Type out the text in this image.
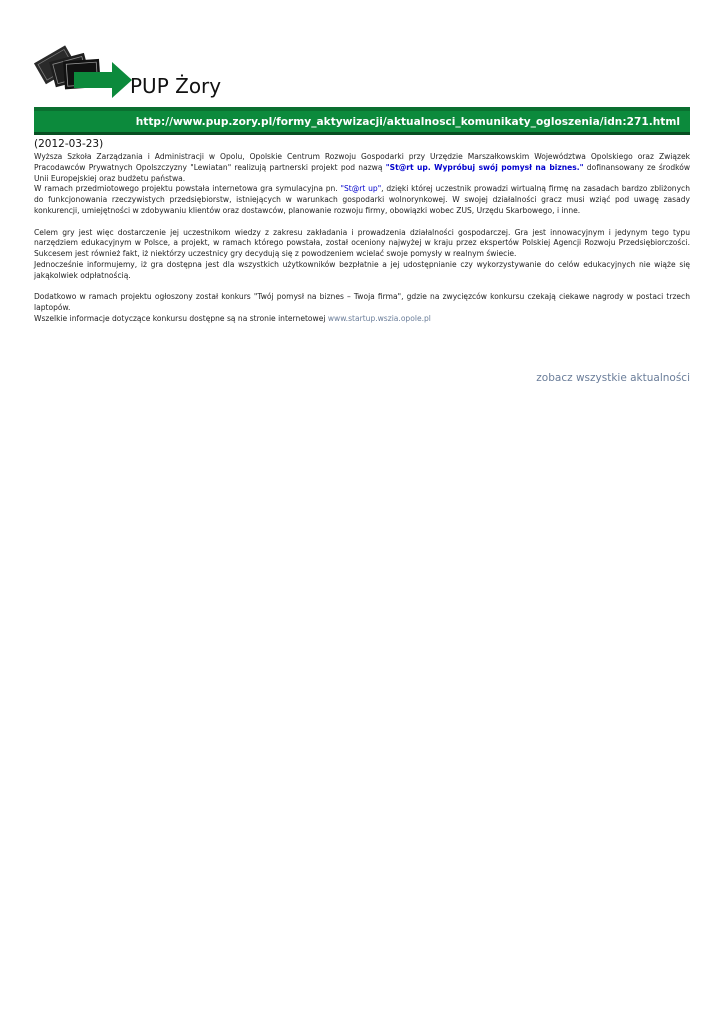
PUP Żory
http://www.pup.zory.pl/formy_aktywizacji/aktualnosci_komunikaty_ogloszenia/idn:271.html
(2012-03-23)

Wyższa Szkoła Zarządzania i Administracji w Opolu, Opolskie Centrum Rozwoju Gospodarki przy Urzędzie Marszałkowskim Województwa Opolskiego oraz Związek Pracodawców Prywatnych Opolszczyzny "Lewiatan" realizują partnerski projekt pod nazwą "St@rt up. Wypróbuj swój pomysł na biznes." dofinansowany ze środków Unii Europejskiej oraz budżetu państwa.

W ramach przedmiotowego projektu powstała internetowa gra symulacyjna pn. "St@rt up", dzięki której uczestnik prowadzi wirtualną firmę na zasadach bardzo zbliżonych do funkcjonowania rzeczywistych przedsiębiorstw, istniejących w warunkach gospodarki wolnorynkowej. W swojej działalności gracz musi wziąć pod uwagę zasady konkurencji, umiejętności w zdobywaniu klientów oraz dostawców, planowanie rozwoju firmy, obowiązki wobec ZUS, Urzędu Skarbowego, i inne.

Celem gry jest więc dostarczenie jej uczestnikom wiedzy z zakresu zakładania i prowadzenia działalności gospodarczej. Gra jest innowacyjnym i jedynym tego typu narzędziem edukacyjnym w Polsce, a projekt, w ramach którego powstała, został oceniony najwyżej w kraju przez ekspertów Polskiej Agencji Rozwoju Przedsiębiorczości. Sukcesem jest również fakt, iż niektórzy uczestnicy gry decydują się z powodzeniem wcielać swoje pomysły w realnym świecie.

Jednocześnie informujemy, iż gra dostępna jest dla wszystkich użytkowników bezpłatnie a jej udostępnianie czy wykorzystywanie do celów edukacyjnych nie wiąże się jakąkolwiek odpłatnością.

Dodatkowo w ramach projektu ogłoszony został konkurs "Twój pomysł na biznes – Twoja firma", gdzie na zwycięzców konkursu czekają ciekawe nagrody w postaci trzech laptopów.

Wszelkie informacje dotyczące konkursu dostępne są na stronie internetowej www.startup.wszia.opole.pl

zobacz wszystkie aktualności
